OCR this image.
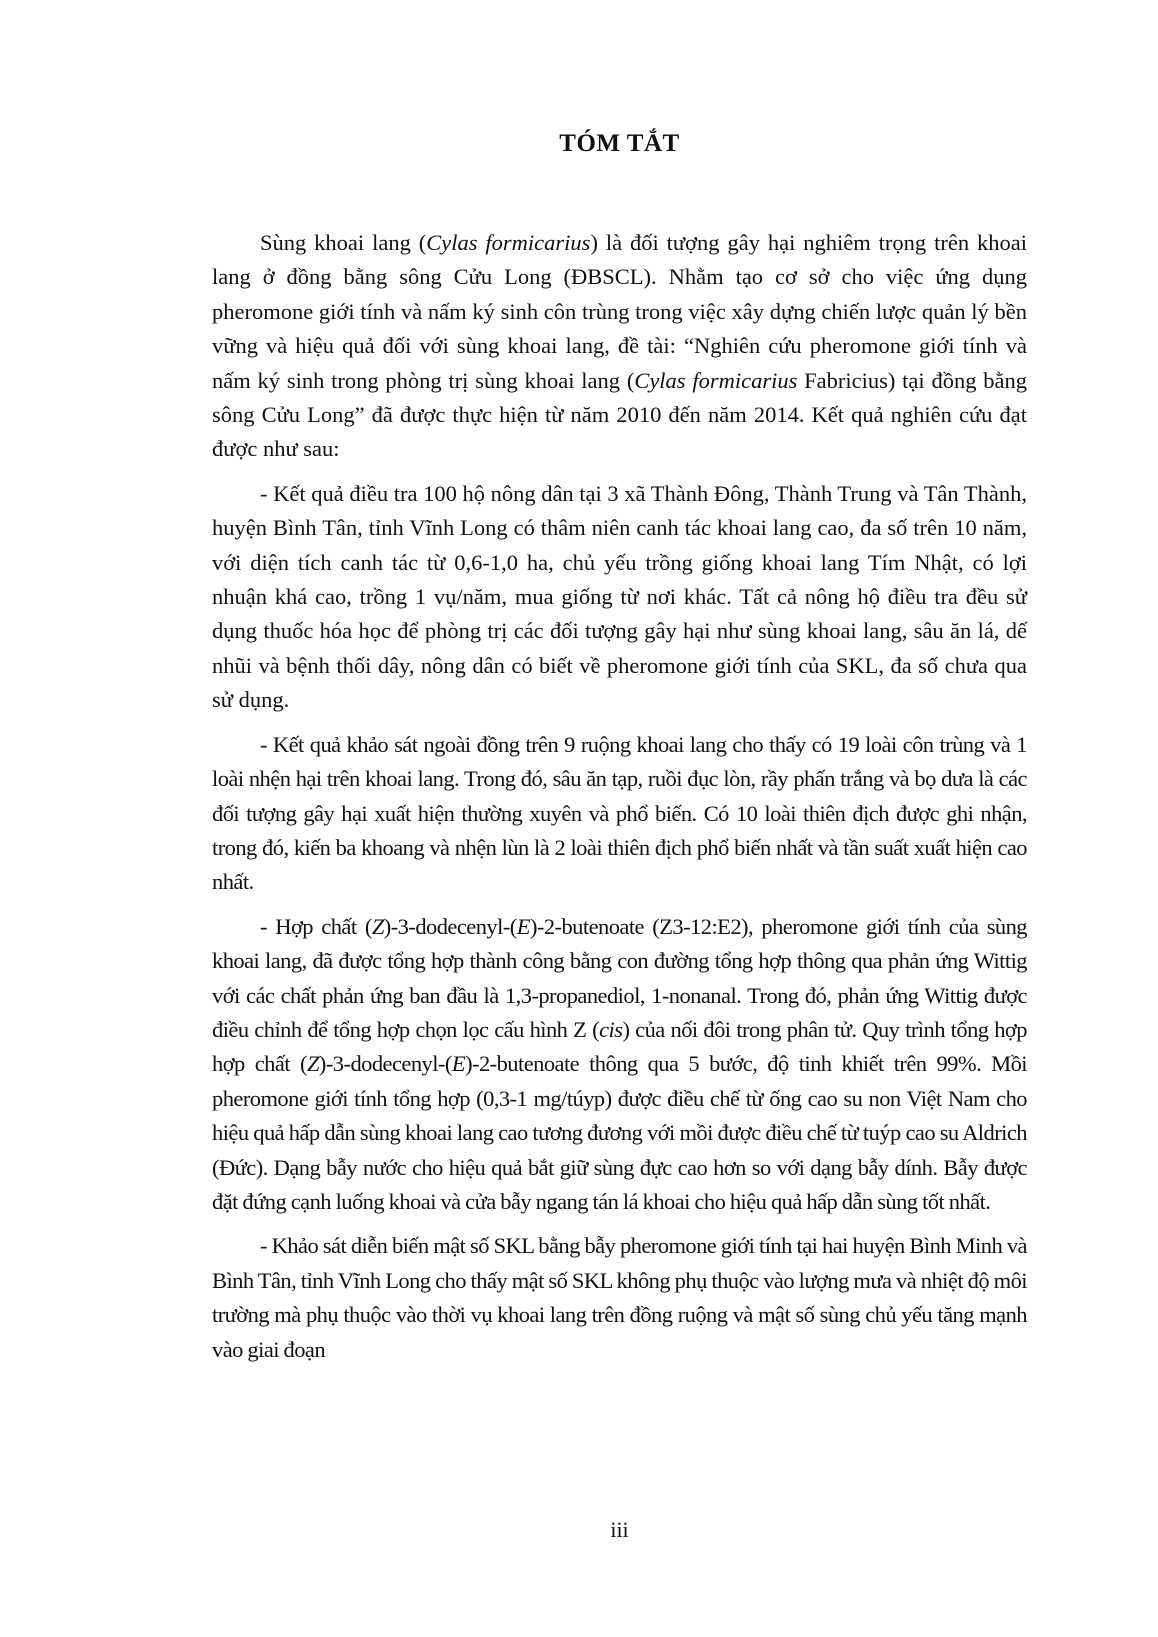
TÓM TẮT

Sùng khoai lang (Cylas formicarius) là đối tượng gây hại nghiêm trọng trên khoai lang ở đồng bằng sông Cửu Long (ĐBSCL). Nhằm tạo cơ sở cho việc ứng dụng pheromone giới tính và nấm ký sinh côn trùng trong việc xây dựng chiến lược quản lý bền vững và hiệu quả đối với sùng khoai lang, đề tài: “Nghiên cứu pheromone giới tính và nấm ký sinh trong phòng trị sùng khoai lang (Cylas formicarius Fabricius) tại đồng bằng sông Cửu Long” đã được thực hiện từ năm 2010 đến năm 2014. Kết quả nghiên cứu đạt được như sau:

- Kết quả điều tra 100 hộ nông dân tại 3 xã Thành Đông, Thành Trung và Tân Thành, huyện Bình Tân, tỉnh Vĩnh Long có thâm niên canh tác khoai lang cao, đa số trên 10 năm, với diện tích canh tác từ 0,6-1,0 ha, chủ yếu trồng giống khoai lang Tím Nhật, có lợi nhuận khá cao, trồng 1 vụ/năm, mua giống từ nơi khác. Tất cả nông hộ điều tra đều sử dụng thuốc hóa học để phòng trị các đối tượng gây hại như sùng khoai lang, sâu ăn lá, dế nhũi và bệnh thối dây, nông dân có biết về pheromone giới tính của SKL, đa số chưa qua sử dụng.

- Kết quả khảo sát ngoài đồng trên 9 ruộng khoai lang cho thấy có 19 loài côn trùng và 1 loài nhện hại trên khoai lang. Trong đó, sâu ăn tạp, ruồi đục lòn, rầy phấn trắng và bọ dưa là các đối tượng gây hại xuất hiện thường xuyên và phổ biến. Có 10 loài thiên địch được ghi nhận, trong đó, kiến ba khoang và nhện lùn là 2 loài thiên địch phổ biến nhất và tần suất xuất hiện cao nhất.

- Hợp chất (Z)-3-dodecenyl-(E)-2-butenoate (Z3-12:E2), pheromone giới tính của sùng khoai lang, đã được tổng hợp thành công bằng con đường tổng hợp thông qua phản ứng Wittig với các chất phản ứng ban đầu là 1,3-propanediol, 1-nonanal. Trong đó, phản ứng Wittig được điều chỉnh để tổng hợp chọn lọc cấu hình Z (cis) của nối đôi trong phân tử. Quy trình tổng hợp hợp chất (Z)-3-dodecenyl-(E)-2-butenoate thông qua 5 bước, độ tinh khiết trên 99%. Mồi pheromone giới tính tổng hợp (0,3-1 mg/túyp) được điều chế từ ống cao su non Việt Nam cho hiệu quả hấp dẫn sùng khoai lang cao tương đương với mồi được điều chế từ tuýp cao su Aldrich (Đức). Dạng bẫy nước cho hiệu quả bắt giữ sùng đực cao hơn so với dạng bẫy dính. Bẫy được đặt đứng cạnh luống khoai và cửa bẫy ngang tán lá khoai cho hiệu quả hấp dẫn sùng tốt nhất.

- Khảo sát diễn biến mật số SKL bằng bẫy pheromone giới tính tại hai huyện Bình Minh và Bình Tân, tỉnh Vĩnh Long cho thấy mật số SKL không phụ thuộc vào lượng mưa và nhiệt độ môi trường mà phụ thuộc vào thời vụ khoai lang trên đồng ruộng và mật số sùng chủ yếu tăng mạnh vào giai đoạn

iii
